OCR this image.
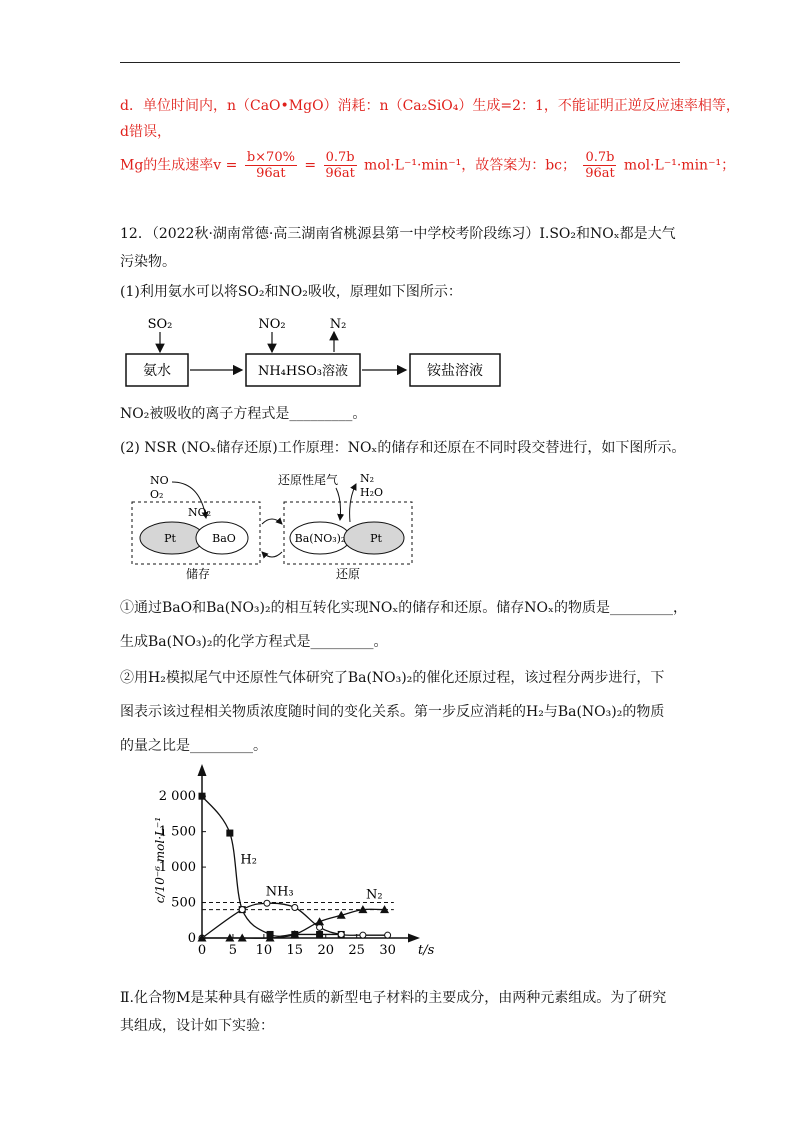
d．单位时间内，n（CaO•MgO）消耗：n（Ca₂SiO₄）生成=2：1，不能证明正逆反应速率相等，
d错误，
Mg的生成速率$v = \frac{b\times 70\%}{96at} = \frac{0.7b}{96at} mol\cdot L^{-1}\cdot\min^{-1}$，故答案为：bc； $\frac{0.7b}{96at} mol\cdot L^{-1}\cdot\min^{-1}$；
12．（2022秋·湖南常德·高三湖南省桃源县第一中学校考阶段练习）Ⅰ.SO₂和NOₓ都是大气
污染物。
(1)利用氨水可以将SO₂和NO₂吸收，原理如下图所示：
氨水	NH₄HSO₃溶液	铵盐溶液
SO₂	NO₂	N₂
NO₂被吸收的离子方程式是_________。
(2) NSR (NOₓ储存还原)工作原理：NOₓ的储存和还原在不同时段交替进行，如下图所示。
Pt	BaO	Ba(NO₃)₂ Pt
NO
O₂
NO₂
储存
还原性尾气 N₂
H₂O
还原
①通过BaO和Ba(NO₃)₂的相互转化实现NOₓ的储存和还原。储存NOₓ的物质是_________，
生成Ba(NO₃)₂的化学方程式是_________。
②用H₂模拟尾气中还原性气体研究了Ba(NO₃)₂的催化还原过程，该过程分两步进行，下
图表示该过程相关物质浓度随时间的变化关系。第一步反应消耗的H₂与Ba(NO₃)₂的物质
的量之比是_________。
0 5 10 15 20 25 30
0
500
1 000
1 500
2 000
t/s
c/10⁻⁶ mol·L⁻¹	H₂
NH₃	N₂
Ⅱ.化合物M是某种具有磁学性质的新型电子材料的主要成分，由两种元素组成。为了研究
其组成，设计如下实验：
